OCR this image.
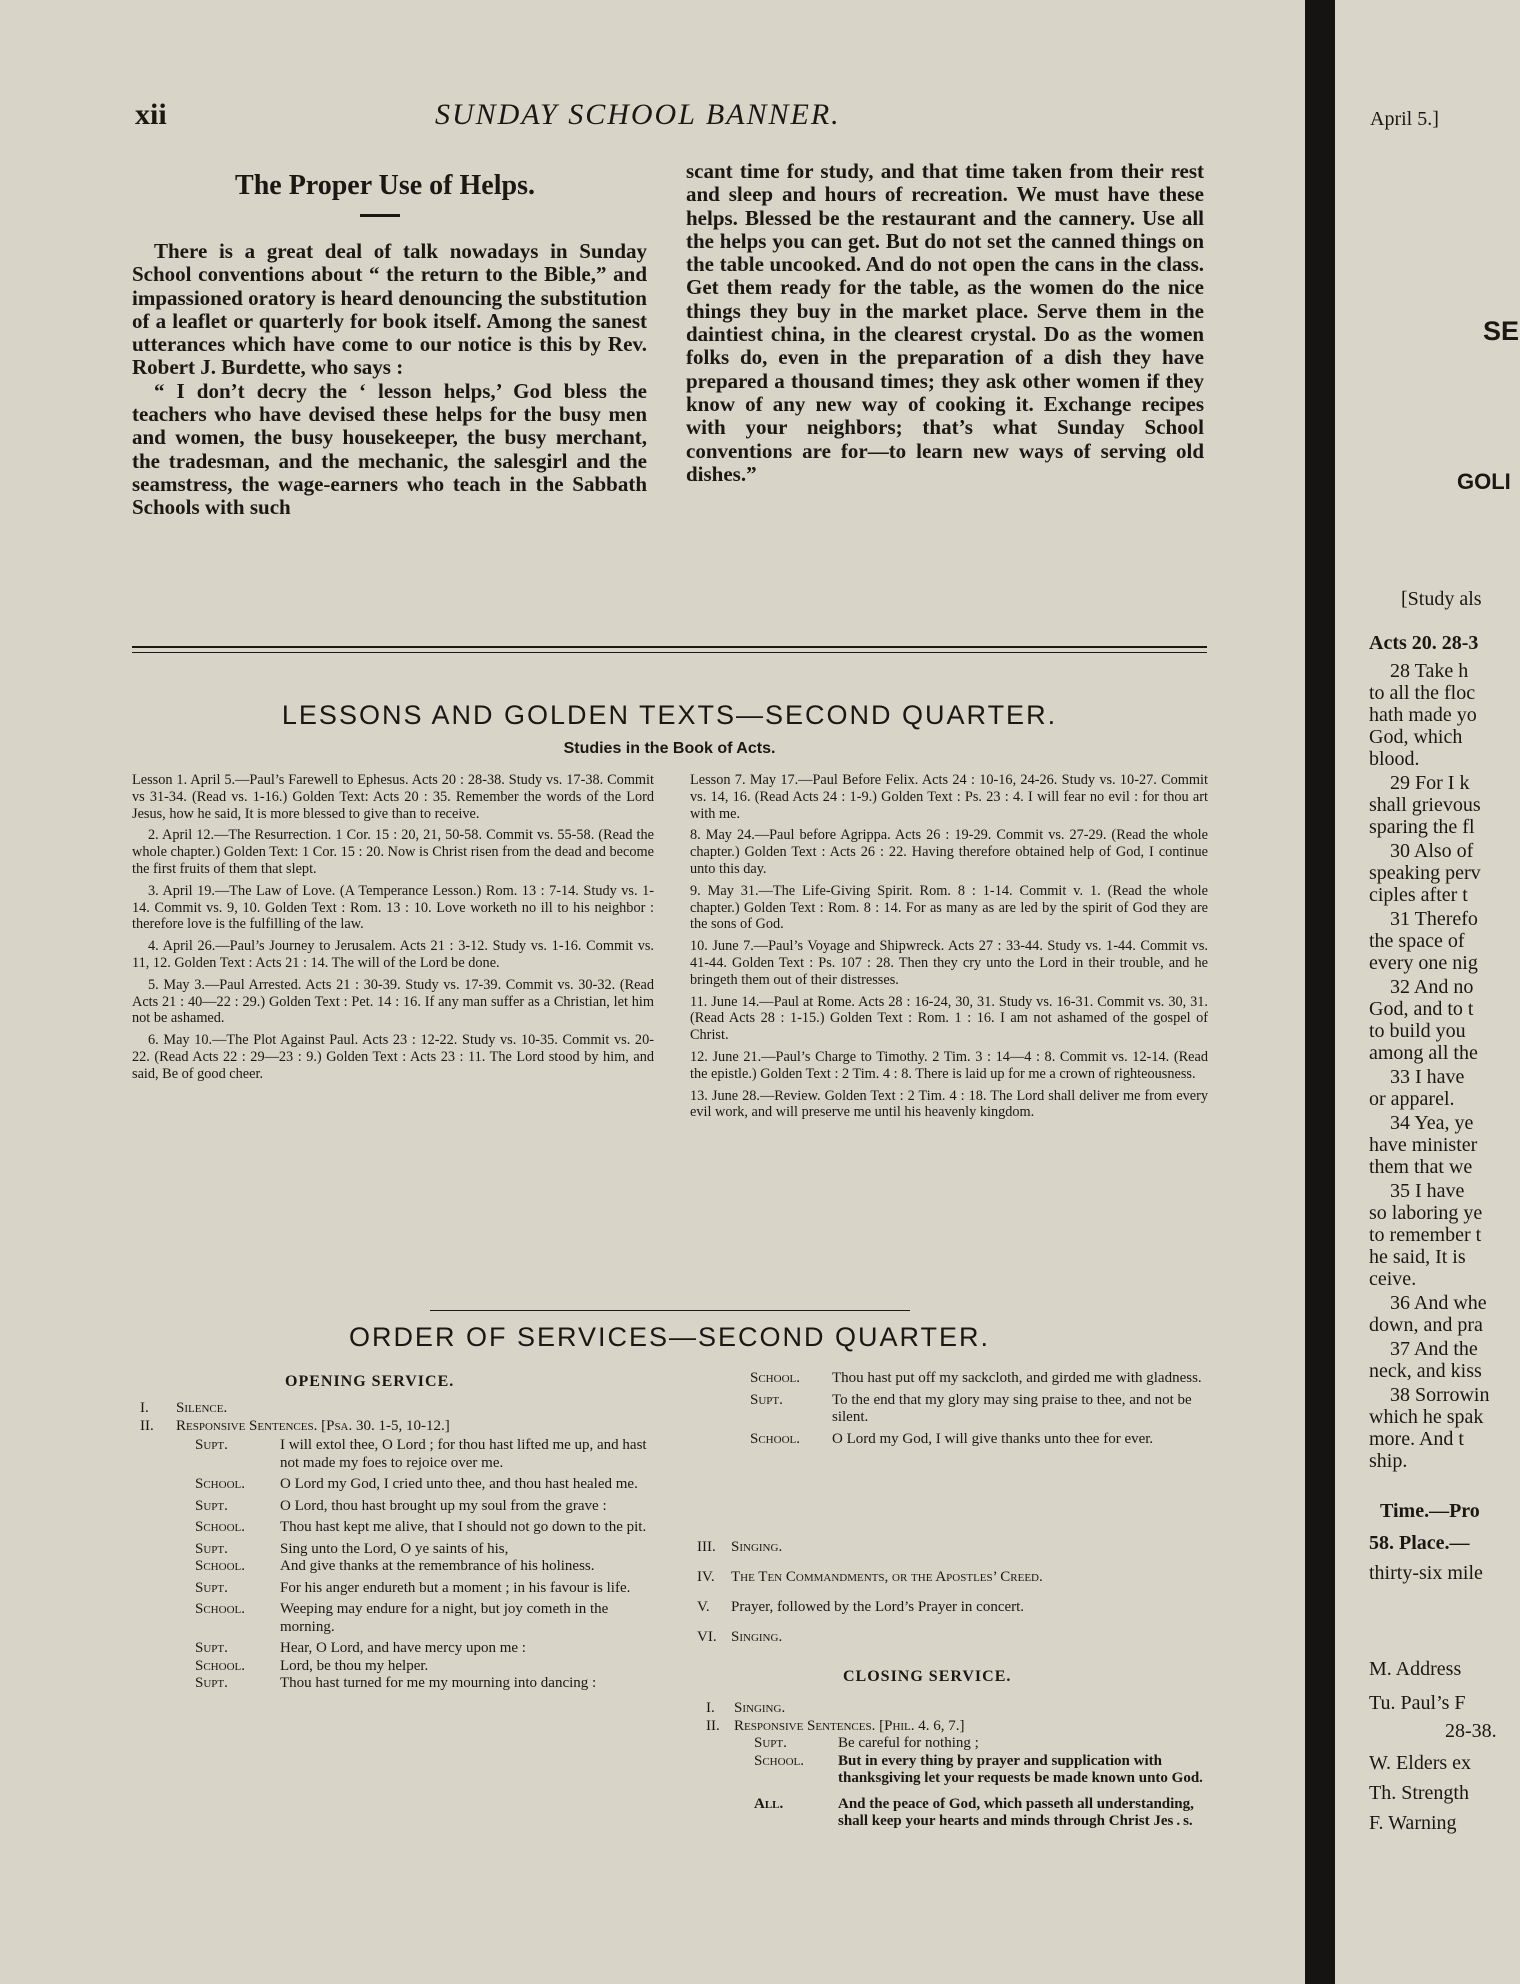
xii	SUNDAY SCHOOL BANNER.
The Proper Use of Helps.

There is a great deal of talk nowadays in Sunday School conventions about “ the return to the Bible,” and impassioned oratory is heard denouncing the substitution of a leaflet or quarterly for book itself. Among the sanest utterances which have come to our notice is this by Rev. Robert J. Burdette, who says :

“ I don’t decry the ‘ lesson helps,’ God bless the teachers who have devised these helps for the busy men and women, the busy housekeeper, the busy merchant, the tradesman, and the mechanic, the salesgirl and the seamstress, the wage-earners who teach in the Sabbath Schools with such

scant time for study, and that time taken from their rest and sleep and hours of recreation. We must have these helps. Blessed be the restaurant and the cannery. Use all the helps you can get. But do not set the canned things on the table uncooked. And do not open the cans in the class. Get them ready for the table, as the women do the nice things they buy in the market place. Serve them in the daintiest china, in the clearest crystal. Do as the women folks do, even in the preparation of a dish they have prepared a thousand times; they ask other women if they know of any new way of cooking it. Exchange recipes with your neighbors; that’s what Sunday School conventions are for—to learn new ways of serving old dishes.”

LESSONS AND GOLDEN TEXTS—SECOND QUARTER.
Studies in the Book of Acts.

Lesson 1. April 5.—Paul’s Farewell to Ephesus. Acts 20 : 28-38. Study vs. 17-38. Commit vs 31-34. (Read vs. 1-16.) Golden Text: Acts 20 : 35. Remember the words of the Lord Jesus, how he said, It is more blessed to give than to receive.

2. April 12.—The Resurrection. 1 Cor. 15 : 20, 21, 50-58. Commit vs. 55-58. (Read the whole chapter.) Golden Text: 1 Cor. 15 : 20. Now is Christ risen from the dead and become the first fruits of them that slept.

3. April 19.—The Law of Love. (A Temperance Lesson.) Rom. 13 : 7-14. Study vs. 1-14. Commit vs. 9, 10. Golden Text : Rom. 13 : 10. Love worketh no ill to his neighbor : therefore love is the fulfilling of the law.

4. April 26.—Paul’s Journey to Jerusalem. Acts 21 : 3-12. Study vs. 1-16. Commit vs. 11, 12. Golden Text : Acts 21 : 14. The will of the Lord be done.

5. May 3.—Paul Arrested. Acts 21 : 30-39. Study vs. 17-39. Commit vs. 30-32. (Read Acts 21 : 40—22 : 29.) Golden Text : Pet. 14 : 16. If any man suffer as a Christian, let him not be ashamed.

6. May 10.—The Plot Against Paul. Acts 23 : 12-22. Study vs. 10-35. Commit vs. 20-22. (Read Acts 22 : 29—23 : 9.) Golden Text : Acts 23 : 11. The Lord stood by him, and said, Be of good cheer.

Lesson 7. May 17.—Paul Before Felix. Acts 24 : 10-16, 24-26. Study vs. 10-27. Commit vs. 14, 16. (Read Acts 24 : 1-9.) Golden Text : Ps. 23 : 4. I will fear no evil : for thou art with me.

8. May 24.—Paul before Agrippa. Acts 26 : 19-29. Commit vs. 27-29. (Read the whole chapter.) Golden Text : Acts 26 : 22. Having therefore obtained help of God, I continue unto this day.

9. May 31.—The Life-Giving Spirit. Rom. 8 : 1-14. Commit v. 1. (Read the whole chapter.) Golden Text : Rom. 8 : 14. For as many as are led by the spirit of God they are the sons of God.

10. June 7.—Paul’s Voyage and Shipwreck. Acts 27 : 33-44. Study vs. 1-44. Commit vs. 41-44. Golden Text : Ps. 107 : 28. Then they cry unto the Lord in their trouble, and he bringeth them out of their distresses.

11. June 14.—Paul at Rome. Acts 28 : 16-24, 30, 31. Study vs. 16-31. Commit vs. 30, 31. (Read Acts 28 : 1-15.) Golden Text : Rom. 1 : 16. I am not ashamed of the gospel of Christ.

12. June 21.—Paul’s Charge to Timothy. 2 Tim. 3 : 14—4 : 8. Commit vs. 12-14. (Read the epistle.) Golden Text : 2 Tim. 4 : 8. There is laid up for me a crown of righteousness.

13. June 28.—Review. Golden Text : 2 Tim. 4 : 18. The Lord shall deliver me from every evil work, and will preserve me until his heavenly kingdom.

ORDER OF SERVICES—SECOND QUARTER.
OPENING SERVICE.
I.	Silence.
II.	Responsive Sentences. [Psa. 30. 1-5, 10-12.]
Supt.	I will extol thee, O Lord ; for thou hast lifted me up, and hast not made my foes to rejoice over me.
School.	O Lord my God, I cried unto thee, and thou hast healed me.
Supt.	O Lord, thou hast brought up my soul from the grave :
School.	Thou hast kept me alive, that I should not go down to the pit.
Supt.	Sing unto the Lord, O ye saints of his,
School.	And give thanks at the remembrance of his holiness.
Supt.	For his anger endureth but a moment ; in his favour is life.
School.	Weeping may endure for a night, but joy cometh in the morning.
Supt.	Hear, O Lord, and have mercy upon me :
School.	Lord, be thou my helper.
Supt.	Thou hast turned for me my mourning into dancing :
School.	Thou hast put off my sackcloth, and girded me with gladness.
Supt.	To the end that my glory may sing praise to thee, and not be silent.
School.	O Lord my God, I will give thanks unto thee for ever.
III.	Singing.
IV.	The Ten Commandments, or the Apostles’ Creed.
V.	Prayer, followed by the Lord’s Prayer in concert.
VI. Singing.
CLOSING SERVICE.
I.	Singing.
II. Responsive Sentences. [Phil. 4. 6, 7.]
Supt.	Be careful for nothing ;
School.	But in every thing by prayer and supplication with thanksgiving let your requests be made known unto God.
All.	And the peace of God, which passeth all understanding, shall keep your hearts and minds through Christ Jes . s.
April 5.]
SE
GOLI
[Study als
Acts 20. 28-3
28 Take h
to all the floc
hath made yo
God, which
blood.
29 For I k
shall grievous
sparing the fl
30 Also of
speaking perv
ciples after t
31 Therefo
the space of
every one nig
32 And no
God, and to t
to build you
among all the
33 I have
or apparel.
34 Yea, ye
have minister
them that we
35 I have
so laboring ye
to remember t
he said, It is
ceive.
36 And whe
down, and pra
37 And the
neck, and kiss
38 Sorrowin
which he spak
more. And t
ship.
Time.—Pro
58. Place.—
thirty-six mile
M. Address
Tu. Paul’s F
28-38.
W. Elders ex
Th. Strength
F. Warning
